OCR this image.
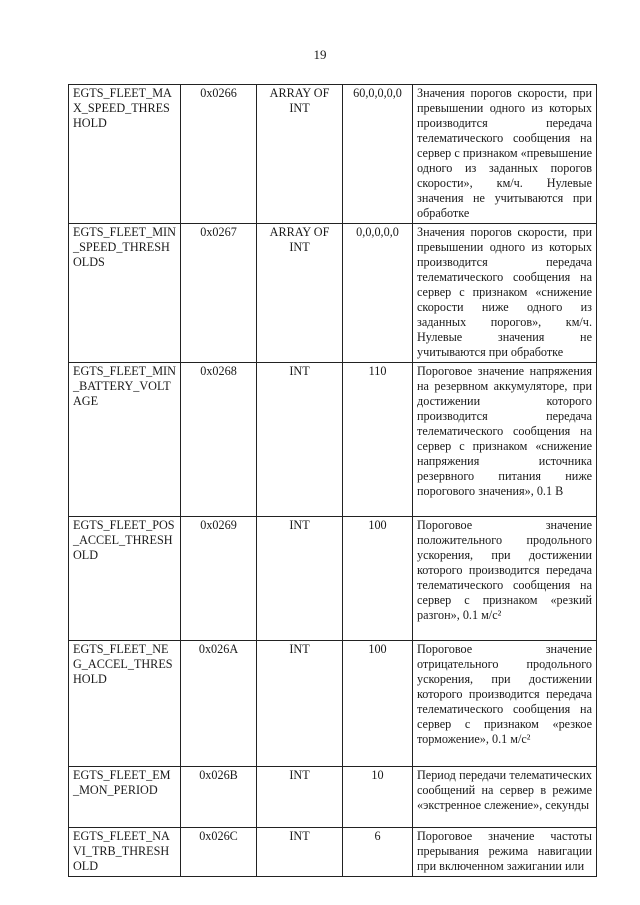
19
EGTS_FLEET_MAX_SPEED_THRESHOLD	0x0266	ARRAY OF INT	60,0,0,0,0	Значения порогов скорости, при превышении одного из которых производится передача телематического сообщения на сервер с признаком «превышение одного из заданных порогов скорости», км/ч. Нулевые значения не учитываются при обработке
EGTS_FLEET_MIN_SPEED_THRESHOLDS	0x0267	ARRAY OF INT	0,0,0,0,0	Значения порогов скорости, при превышении одного из которых производится передача телематического сообщения на сервер с признаком «снижение скорости ниже одного из заданных порогов», км/ч. Нулевые значения не учитываются при обработке
EGTS_FLEET_MIN_BATTERY_VOLTAGE	0x0268	INT	110	Пороговое значение напряжения на резервном аккумуляторе, при достижении которого производится передача телематического сообщения на сервер с признаком «снижение напряжения источника резервного питания ниже порогового значения», 0.1 В
EGTS_FLEET_POS_ACCEL_THRESHOLD	0x0269	INT	100	Пороговое значение положительного продольного ускорения, при достижении которого производится передача телематического сообщения на сервер с признаком «резкий разгон», 0.1 м/с²
EGTS_FLEET_NEG_ACCEL_THRESHOLD	0x026A	INT	100	Пороговое значение отрицательного продольного ускорения, при достижении которого производится передача телематического сообщения на сервер с признаком «резкое торможение», 0.1 м/с²
EGTS_FLEET_EM_MON_PERIOD	0x026B	INT	10	Период передачи телематических сообщений на сервер в режиме «экстренное слежение», секунды
EGTS_FLEET_NAVI_TRB_THRESHOLD	0x026C	INT	6	Пороговое значение частоты прерывания режима навигации при включенном зажигании или
